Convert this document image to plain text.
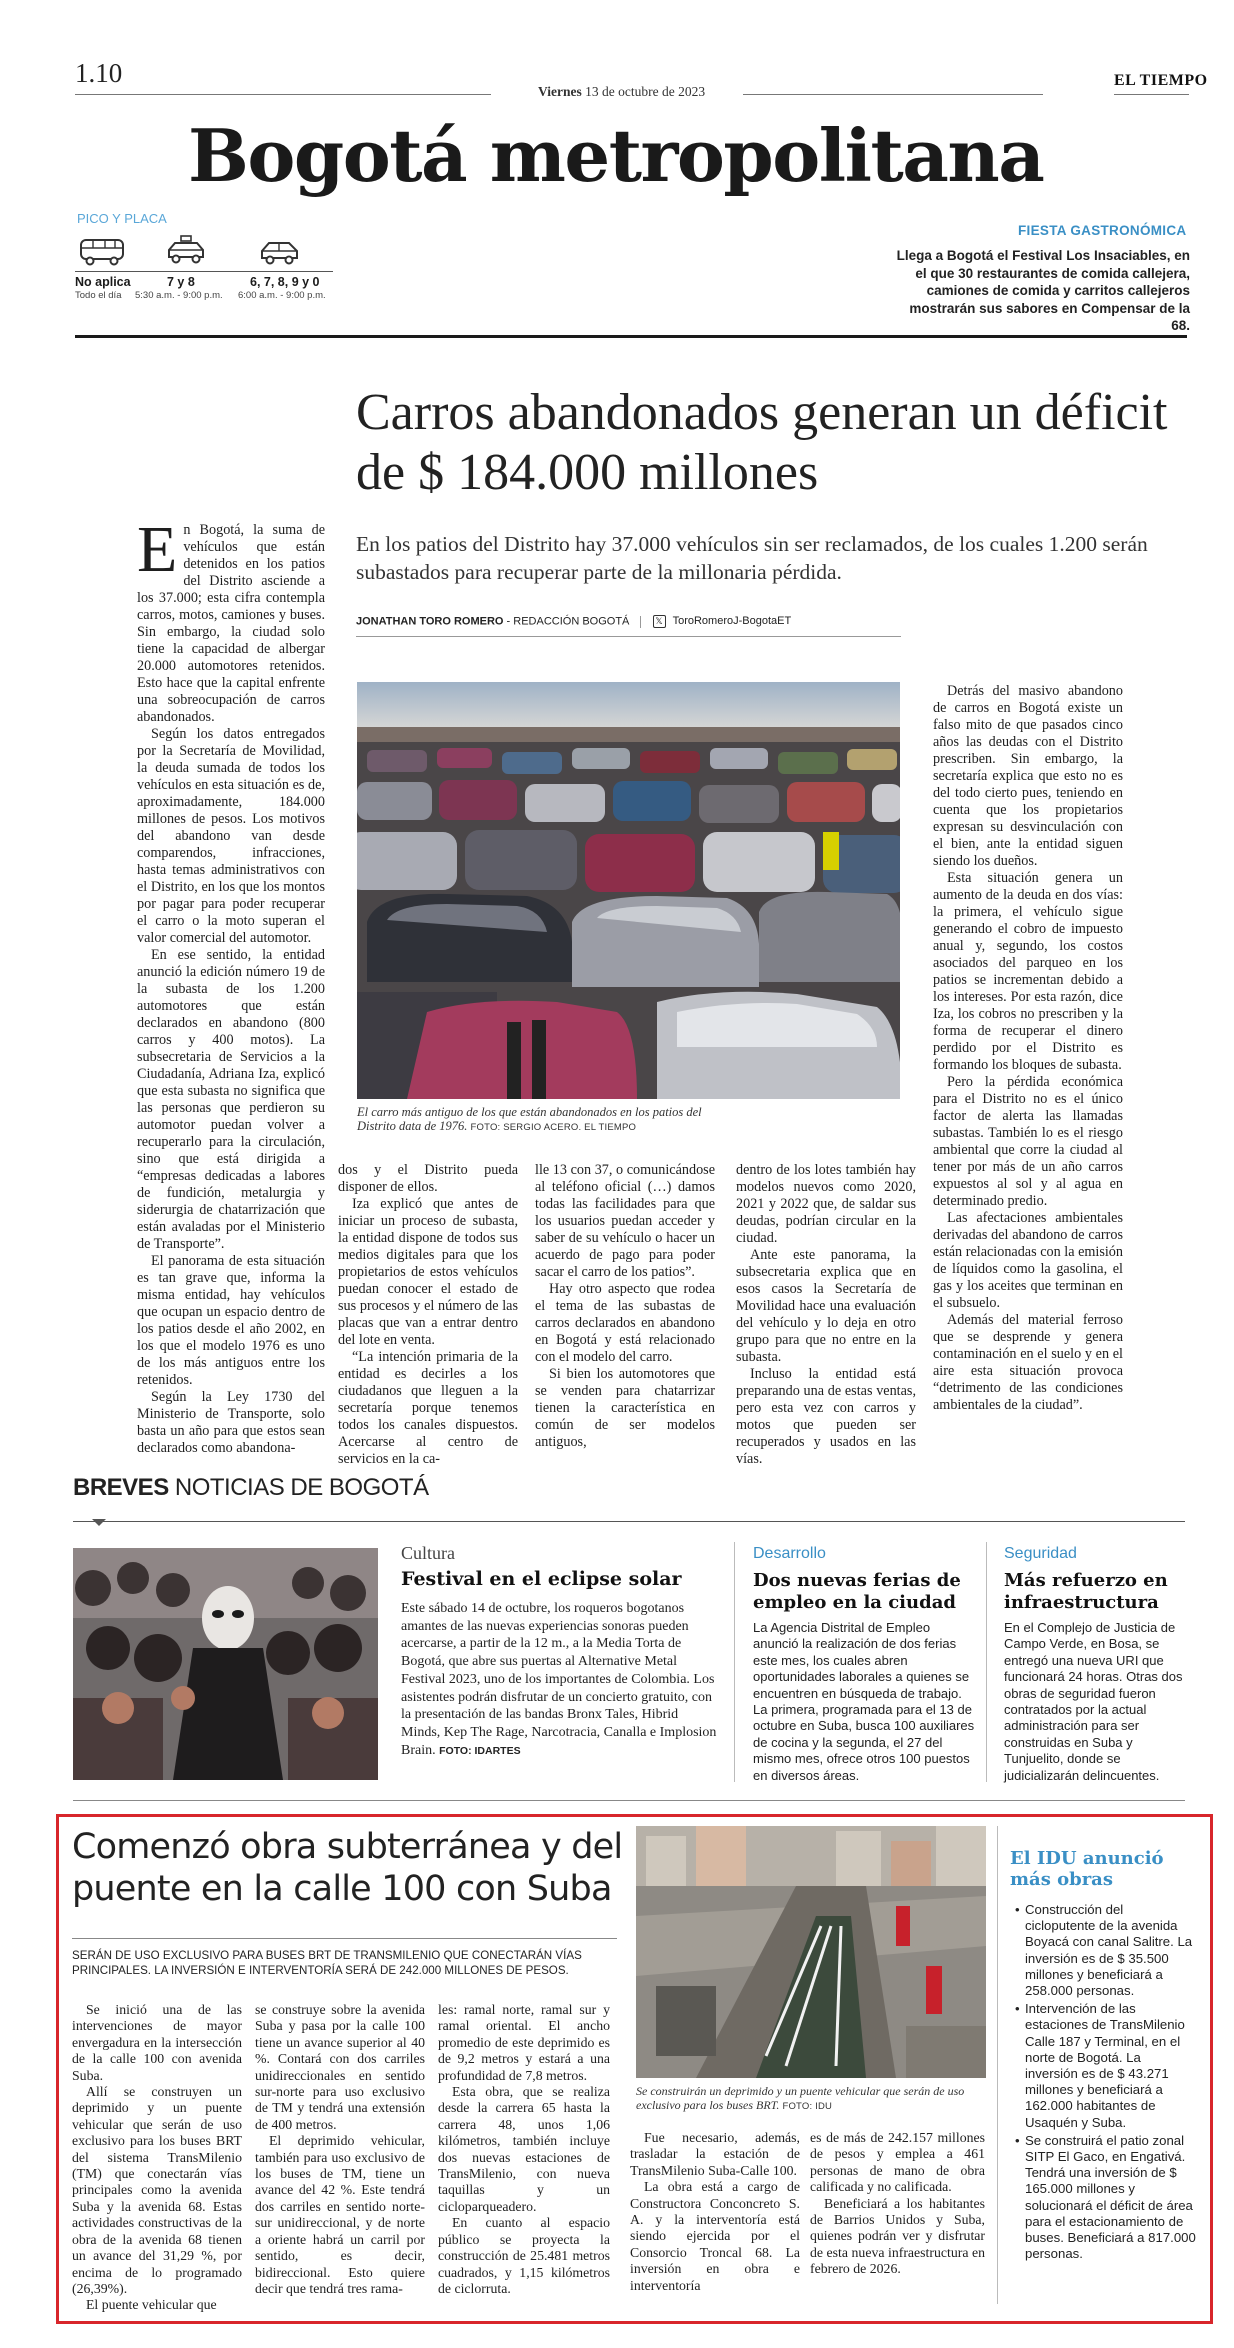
1.10
Viernes 13 de octubre de 2023
EL TIEMPO
Bogotá metropolitana
PICO Y PLACA
No aplica
Todo el día
7 y 8
5:30 a.m. - 9:00 p.m.
6, 7, 8, 9 y 0
6:00 a.m. - 9:00 p.m.
FIESTA GASTRONÓMICA
Llega a Bogotá el Festival Los Insaciables, en el que 30 restaurantes de comida callejera, camiones de comida y carritos callejeros mostrarán sus sabores en Compensar de la 68.
Carros abandonados generan un déficit de $ 184.000 millones
En los patios del Distrito hay 37.000 vehículos sin ser reclamados, de los cuales 1.200 serán subastados para recuperar parte de la millonaria pérdida.
JONATHAN TORO ROMERO - REDACCIÓN BOGOTÁ	𝕏 ToroRomeroJ-BogotaET
E n Bogotá, la suma de vehículos que están detenidos en los patios del Distrito asciende a los 37.000; esta cifra contempla carros, motos, camiones y buses. Sin embargo, la ciudad solo tiene la capacidad de albergar 20.000 automotores retenidos. Esto hace que la capital enfrente una sobreocupación de carros abandonados.

Según los datos entregados por la Secretaría de Movilidad, la deuda sumada de todos los vehículos en esta situación es de, aproximadamente, 184.000 millones de pesos. Los motivos del abandono van desde comparendos, infracciones, hasta temas administrativos con el Distrito, en los que los montos por pagar para poder recuperar el carro o la moto superan el valor comercial del automotor.

En ese sentido, la entidad anunció la edición número 19 de la subasta de los 1.200 automotores que están declarados en abandono (800 carros y 400 motos). La subsecretaria de Servicios a la Ciudadanía, Adriana Iza, explicó que esta subasta no significa que las personas que perdieron su automotor puedan volver a recuperarlo para la circulación, sino que está dirigida a “empresas dedicadas a labores de fundición, metalurgia y siderurgia de chatarrización que están avaladas por el Ministerio de Transporte”.

El panorama de esta situación es tan grave que, informa la misma entidad, hay vehículos que ocupan un espacio dentro de los patios desde el año 2002, en los que el modelo 1976 es uno de los más antiguos entre los retenidos.

Según la Ley 1730 del Ministerio de Transporte, solo basta un año para que estos sean declarados como abandona-

El carro más antiguo de los que están abandonados en los patios del Distrito data de 1976. FOTO: SERGIO ACERO. EL TIEMPO

dos y el Distrito pueda disponer de ellos.

Iza explicó que antes de iniciar un proceso de subasta, la entidad dispone de todos sus medios digitales para que los propietarios de estos vehículos puedan conocer el estado de sus procesos y el número de las placas que van a entrar dentro del lote en venta.

“La intención primaria de la entidad es decirles a los ciudadanos que lleguen a la secretaría porque tenemos todos los canales dispuestos. Acercarse al centro de servicios en la ca-

lle 13 con 37, o comunicándose al teléfono oficial (…) damos todas las facilidades para que los usuarios puedan acceder y saber de su vehículo o hacer un acuerdo de pago para poder sacar el carro de los patios”.

Hay otro aspecto que rodea el tema de las subastas de carros declarados en abandono en Bogotá y está relacionado con el modelo del carro.

Si bien los automotores que se venden para chatarrizar tienen la característica en común de ser modelos antiguos,

dentro de los lotes también hay modelos nuevos como 2020, 2021 y 2022 que, de saldar sus deudas, podrían circular en la ciudad.

Ante este panorama, la subsecretaria explica que en esos casos la Secretaría de Movilidad hace una evaluación del vehículo y lo deja en otro grupo para que no entre en la subasta.

Incluso la entidad está preparando una de estas ventas, pero esta vez con carros y motos que pueden ser recuperados y usados en las vías.

Detrás del masivo abandono de carros en Bogotá existe un falso mito de que pasados cinco años las deudas con el Distrito prescriben. Sin embargo, la secretaría explica que esto no es del todo cierto pues, teniendo en cuenta que los propietarios expresan su desvinculación con el bien, ante la entidad siguen siendo los dueños.

Esta situación genera un aumento de la deuda en dos vías: la primera, el vehículo sigue generando el cobro de impuesto anual y, segundo, los costos asociados del parqueo en los patios se incrementan debido a los intereses. Por esta razón, dice Iza, los cobros no prescriben y la forma de recuperar el dinero perdido por el Distrito es formando los bloques de subasta.

Pero la pérdida económica para el Distrito no es el único factor de alerta las llamadas subastas. También lo es el riesgo ambiental que corre la ciudad al tener por más de un año carros expuestos al sol y al agua en determinado predio.

Las afectaciones ambientales derivadas del abandono de carros están relacionadas con la emisión de líquidos como la gasolina, el gas y los aceites que terminan en el subsuelo.

Además del material ferroso que se desprende y genera contaminación en el suelo y en el aire esta situación provoca “detrimento de las condiciones ambientales de la ciudad”.

BREVES NOTICIAS DE BOGOTÁ
Cultura
Festival en el eclipse solar
Este sábado 14 de octubre, los roqueros bogotanos amantes de las nuevas experiencias sonoras pueden acercarse, a partir de la 12 m., a la Media Torta de Bogotá, que abre sus puertas al Alternative Metal Festival 2023, uno de los importantes de Colombia. Los asistentes podrán disfrutar de un concierto gratuito, con la presentación de las bandas Bronx Tales, Hibrid Minds, Kep The Rage, Narcotracia, Canalla e Implosion Brain. FOTO: IDARTES
Desarrollo
Dos nuevas ferias de empleo en la ciudad
La Agencia Distrital de Empleo anunció la realización de dos ferias este mes, los cuales abren oportunidades laborales a quienes se encuentren en búsqueda de trabajo. La primera, programada para el 13 de octubre en Suba, busca 100 auxiliares de cocina y la segunda, el 27 del mismo mes, ofrece otros 100 puestos en diversos áreas.
Seguridad
Más refuerzo en infraestructura
En el Complejo de Justicia de Campo Verde, en Bosa, se entregó una nueva URI que funcionará 24 horas. Otras dos obras de seguridad fueron contratados por la actual administración para ser construidas en Suba y Tunjuelito, donde se judicializarán delincuentes.
Comenzó obra subterránea y del puente en la calle 100 con Suba
SERÁN DE USO EXCLUSIVO PARA BUSES BRT DE TRANSMILENIO QUE CONECTARÁN VÍAS PRINCIPALES. LA INVERSIÓN E INTERVENTORÍA SERÁ DE 242.000 MILLONES DE PESOS.

Se inició una de las intervenciones de mayor envergadura en la intersección de la calle 100 con avenida Suba.

Allí se construyen un deprimido y un puente vehicular que serán de uso exclusivo para los buses BRT del sistema TransMilenio (TM) que conectarán vías principales como la avenida Suba y la avenida 68. Estas actividades constructivas de la obra de la avenida 68 tienen un avance del 31,29 %, por encima de lo programado (26,39%).

El puente vehicular que

se construye sobre la avenida Suba y pasa por la calle 100 tiene un avance superior al 40 %. Contará con dos carriles unidireccionales en sentido sur-norte para uso exclusivo de TM y tendrá una extensión de 400 metros.

El deprimido vehicular, también para uso exclusivo de los buses de TM, tiene un avance del 42 %. Este tendrá dos carriles en sentido norte-sur unidireccional, y de norte a oriente habrá un carril por sentido, es decir, bidireccional. Esto quiere decir que tendrá tres rama-

les: ramal norte, ramal sur y ramal oriental. El ancho promedio de este deprimido es de 9,2 metros y estará a una profundidad de 7,8 metros.

Esta obra, que se realiza desde la carrera 65 hasta la carrera 48, unos 1,06 kilómetros, también incluye dos nuevas estaciones de TransMilenio, con nueva taquillas y un cicloparqueadero.

En cuanto al espacio público se proyecta la construcción de 25.481 metros cuadrados, y 1,15 kilómetros de ciclorruta.

Se construirán un deprimido y un puente vehicular que serán de uso exclusivo para los buses BRT. FOTO: IDU

Fue necesario, además, trasladar la estación de TransMilenio Suba-Calle 100.

La obra está a cargo de Constructora Conconcreto S. A. y la interventoría está siendo ejercida por el Consorcio Troncal 68. La inversión en obra e interventoría

es de más de 242.157 millones de pesos y emplea a 461 personas de mano de obra calificada y no calificada.

Beneficiará a los habitantes de Barrios Unidos y Suba, quienes podrán ver y disfrutar de esta nueva infraestructura en febrero de 2026.

El IDU anunció más obras
• Construcción del cicloputente de la avenida Boyacá con canal Salitre. La inversión es de $ 35.500 millones y beneficiará a 258.000 personas.
• Intervención de las estaciones de TransMilenio Calle 187 y Terminal, en el norte de Bogotá. La inversión es de $ 43.271 millones y beneficiará a 162.000 habitantes de Usaquén y Suba.
• Se construirá el patio zonal SITP El Gaco, en Engativá. Tendrá una inversión de $ 165.000 millones y solucionará el déficit de área para el estacionamiento de buses. Beneficiará a 817.000 personas.
